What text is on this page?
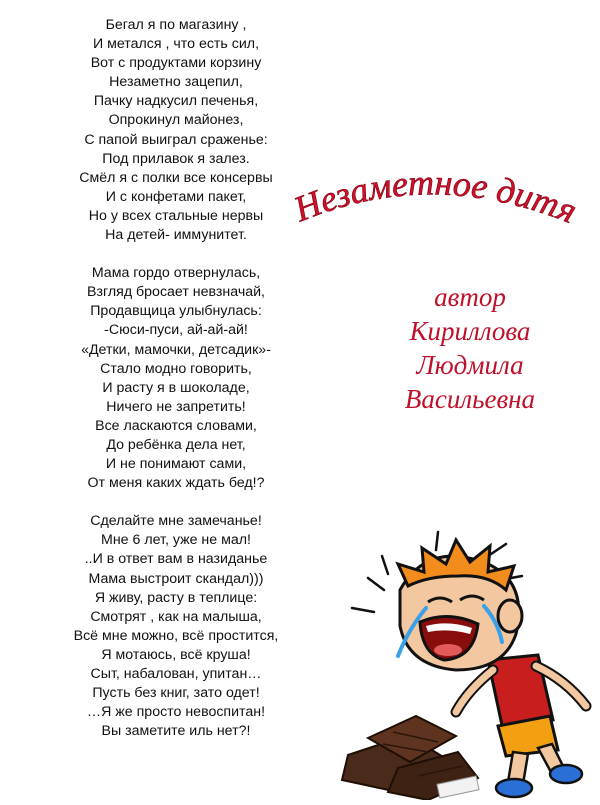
Бегал я по магазину ,
И метался , что есть сил,
Вот с продуктами корзину
Незаметно зацепил,
Пачку надкусил печенья,
Опрокинул майонез,
С папой выиграл сраженье:
Под прилавок я залез.
Смёл я с полки все консервы
И с конфетами пакет,
Но у всех стальные нервы
На детей- иммунитет.
Мама гордо отвернулась,
Взгляд бросает невзначай,
Продавщица улыбнулась:
-Сюси-пуси, ай-ай-ай!
«Детки, мамочки, детсадик»-
Стало модно говорить,
И расту я в шоколаде,
Ничего не запретить!
Все ласкаются словами,
До ребёнка дела нет,
И не понимают сами,
От меня каких ждать бед!?
Сделайте мне замечанье!
Мне 6 лет, уже не мал!
..И в ответ вам в назиданье
Мама выстроит скандал)))
Я живу, расту в теплице:
Смотрят , как на малыша,
Всё мне можно, всё простится,
Я мотаюсь, всё круша!
Сыт, набалован, упитан…
Пусть без книг, зато одет!
…Я же просто невоспитан!
Вы заметите иль нет?!
Незаметное дитя
автор
Кириллова
Людмила
Васильевна
